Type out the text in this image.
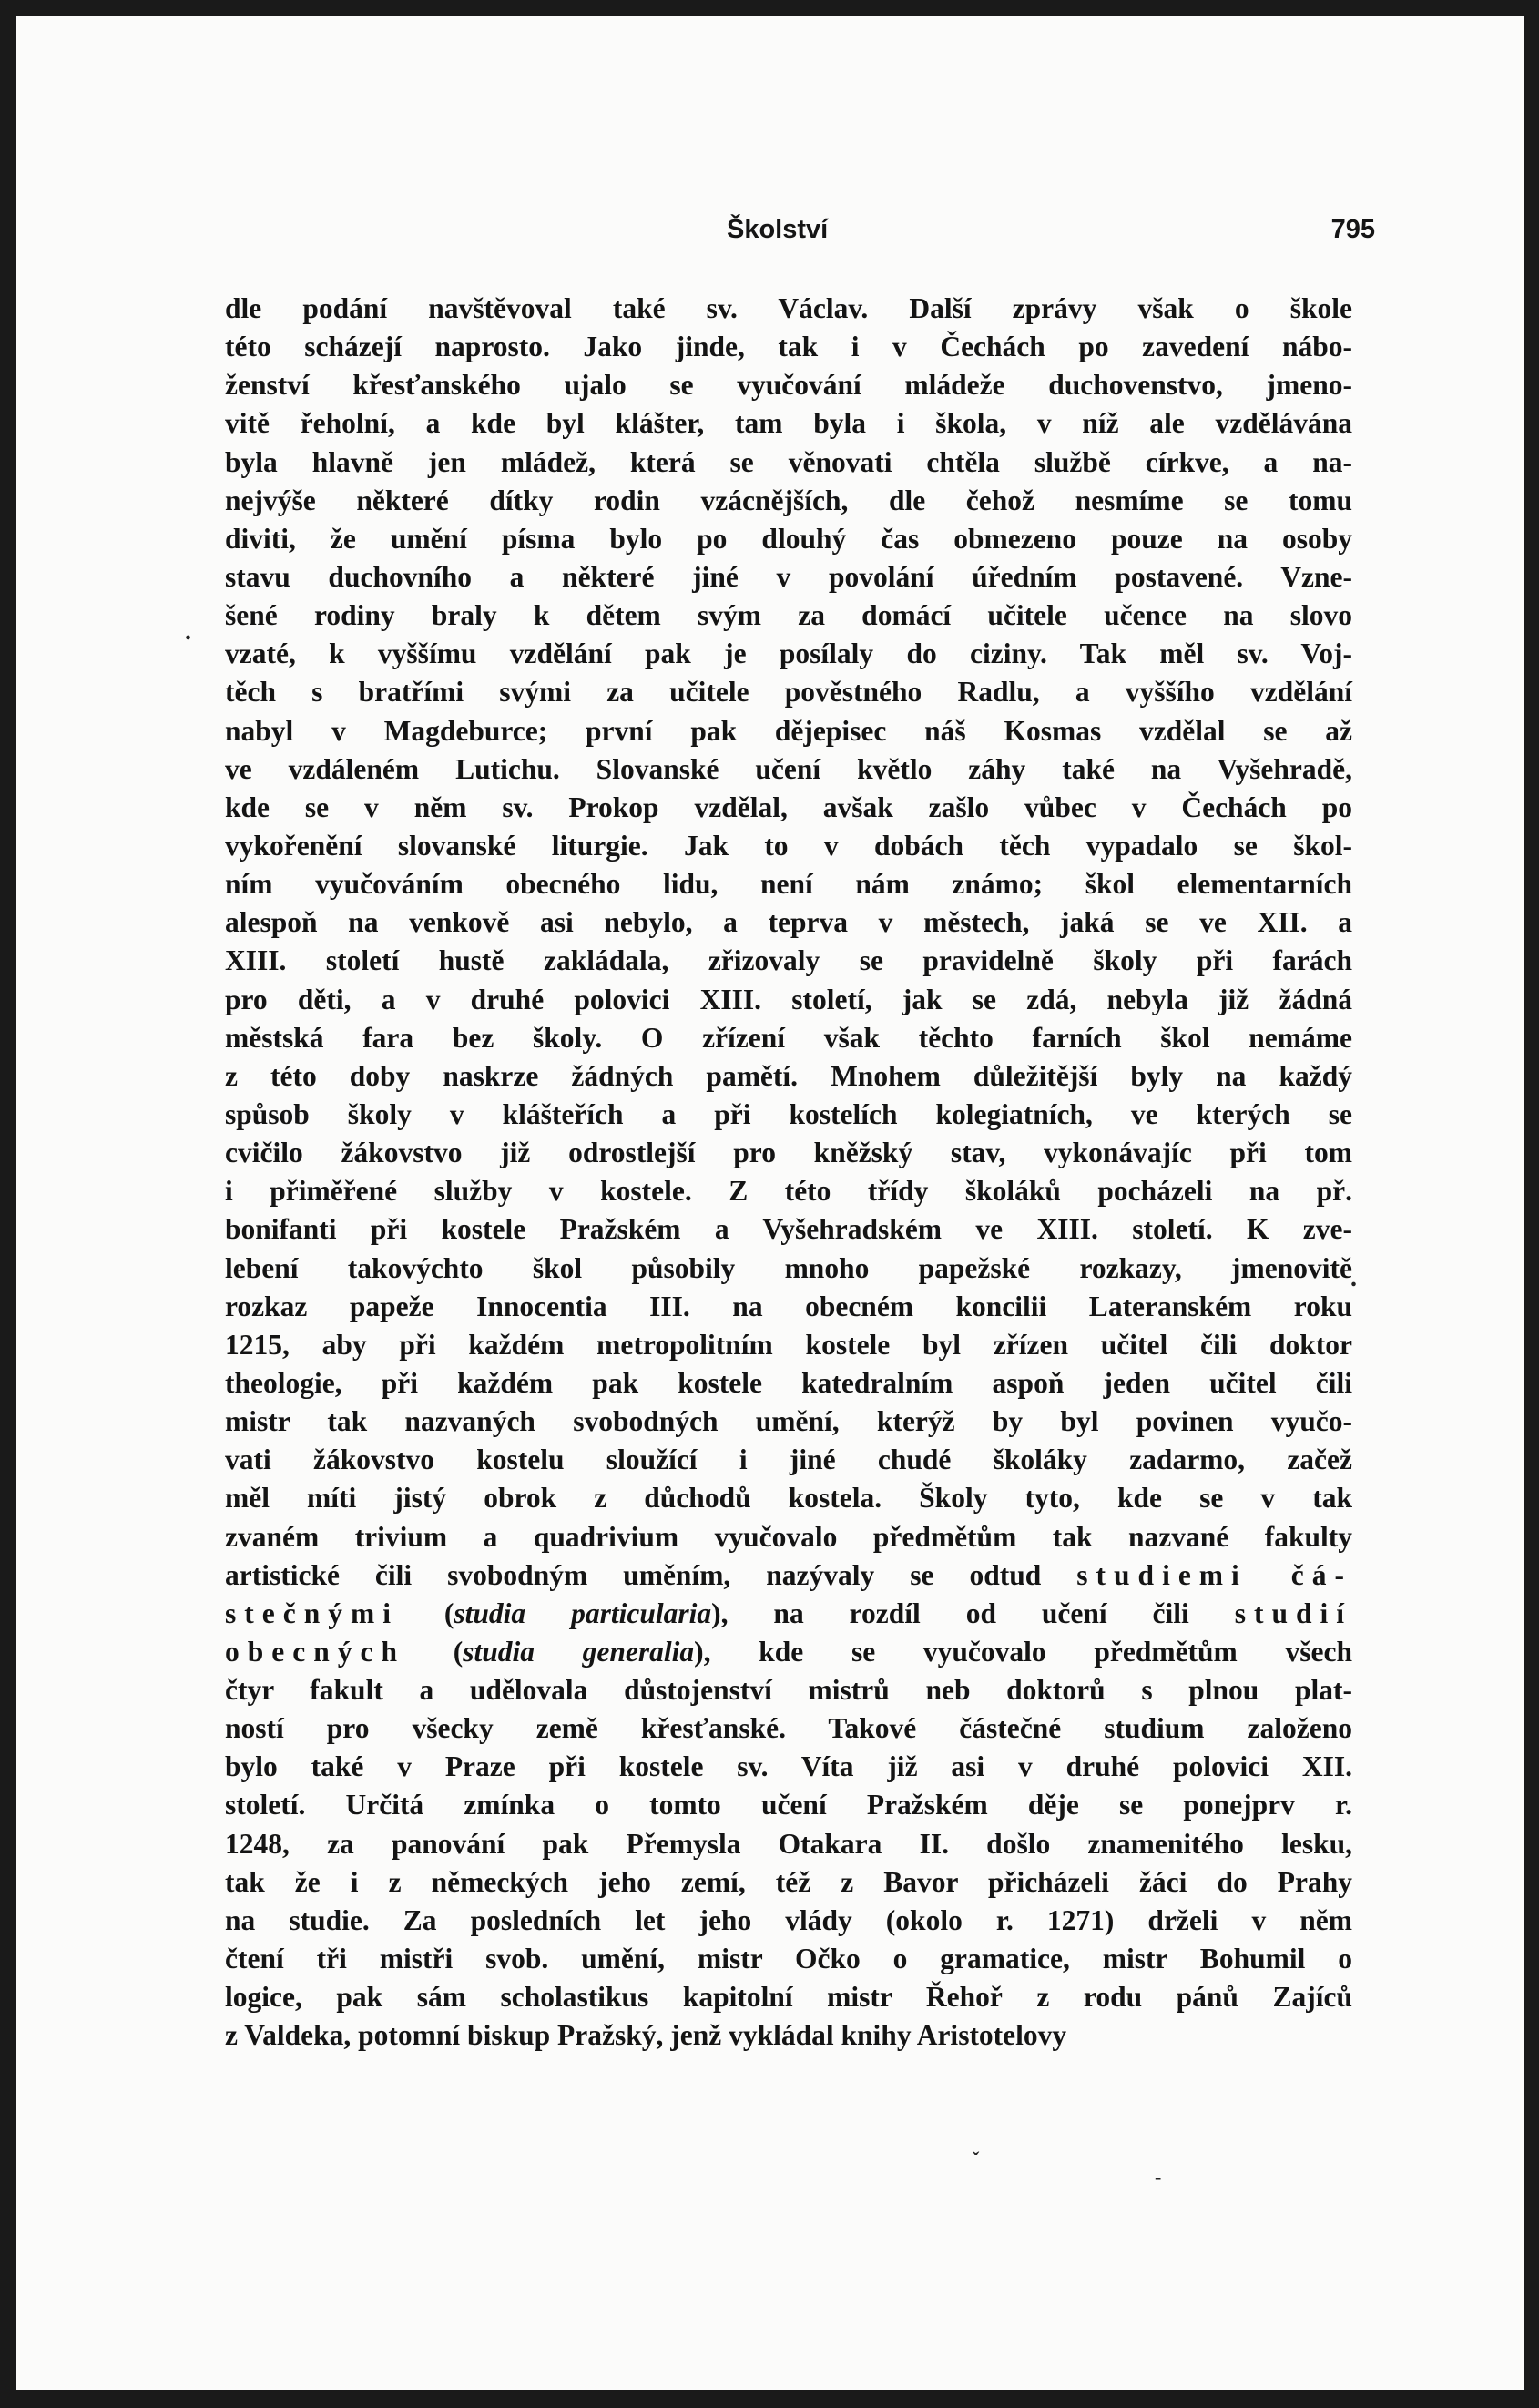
Školství	795
.
.
dle podání navštěvoval také sv. Václav. Další zprávy však o škole
této scházejí naprosto. Jako jinde, tak i v Čechách po zavedení nábo-
ženství křesťanského ujalo se vyučování mládeže duchovenstvo, jmeno-
vitě řeholní, a kde byl klášter, tam byla i škola, v níž ale vzdělávána
byla hlavně jen mládež, která se věnovati chtěla službě církve, a na-
nejvýše některé dítky rodin vzácnějších, dle čehož nesmíme se tomu
diviti, že umění písma bylo po dlouhý čas obmezeno pouze na osoby
stavu duchovního a některé jiné v povolání úředním postavené. Vzne-
šené rodiny braly k dětem svým za domácí učitele učence na slovo
vzaté, k vyššímu vzdělání pak je posílaly do ciziny. Tak měl sv. Voj-
těch s bratřími svými za učitele pověstného Radlu, a vyššího vzdělání
nabyl v Magdeburce; první pak dějepisec náš Kosmas vzdělal se až
ve vzdáleném Lutichu. Slovanské učení květlo záhy také na Vyšehradě,
kde se v něm sv. Prokop vzdělal, avšak zašlo vůbec v Čechách po
vykořenění slovanské liturgie. Jak to v dobách těch vypadalo se škol-
ním vyučováním obecného lidu, není nám známo; škol elementarních
alespoň na venkově asi nebylo, a teprva v městech, jaká se ve XII. a
XIII. století hustě zakládala, zřizovaly se pravidelně školy při farách
pro děti, a v druhé polovici XIII. století, jak se zdá, nebyla již žádná
městská fara bez školy. O zřízení však těchto farních škol nemáme
z této doby naskrze žádných pamětí. Mnohem důležitější byly na každý
spůsob školy v klášteřích a při kostelích kolegiatních, ve kterých se
cvičilo žákovstvo již odrostlejší pro kněžský stav, vykonávajíc při tom
i přiměřené služby v kostele. Z této třídy školáků pocházeli na př.
bonifanti při kostele Pražském a Vyšehradském ve XIII. století. K zve-
lebení takovýchto škol působily mnoho papežské rozkazy, jmenovitě
rozkaz papeže Innocentia III. na obecném koncilii Lateranském roku
1215, aby při každém metropolitním kostele byl zřízen učitel čili doktor
theologie, při každém pak kostele katedralním aspoň jeden učitel čili
mistr tak nazvaných svobodných umění, kterýž by byl povinen vyučo-
vati žákovstvo kostelu sloužící i jiné chudé školáky zadarmo, začež
měl míti jistý obrok z důchodů kostela. Školy tyto, kde se v tak
zvaném trivium a quadrivium vyučovalo předmětům tak nazvané fakulty
artistické čili svobodným uměním, nazývaly se odtud studiemi čá-
stečnými (studia particularia), na rozdíl od učení čili studií
obecných (studia generalia), kde se vyučovalo předmětům všech
čtyr fakult a udělovala důstojenství mistrů neb doktorů s plnou plat-
ností pro všecky země křesťanské. Takové částečné studium založeno
bylo také v Praze při kostele sv. Víta již asi v druhé polovici XII.
století. Určitá zmínka o tomto učení Pražském děje se ponejprv r.
1248, za panování pak Přemysla Otakara II. došlo znamenitého lesku,
tak že i z německých jeho zemí, též z Bavor přicházeli žáci do Prahy
na studie. Za posledních let jeho vlády (okolo r. 1271) drželi v něm
čtení tři mistři svob. umění, mistr Očko o gramatice, mistr Bohumil o
logice, pak sám scholastikus kapitolní mistr Řehoř z rodu pánů Zajíců
z Valdeka, potomní biskup Pražský, jenž vykládal knihy Aristotelovy
ˇ
-
